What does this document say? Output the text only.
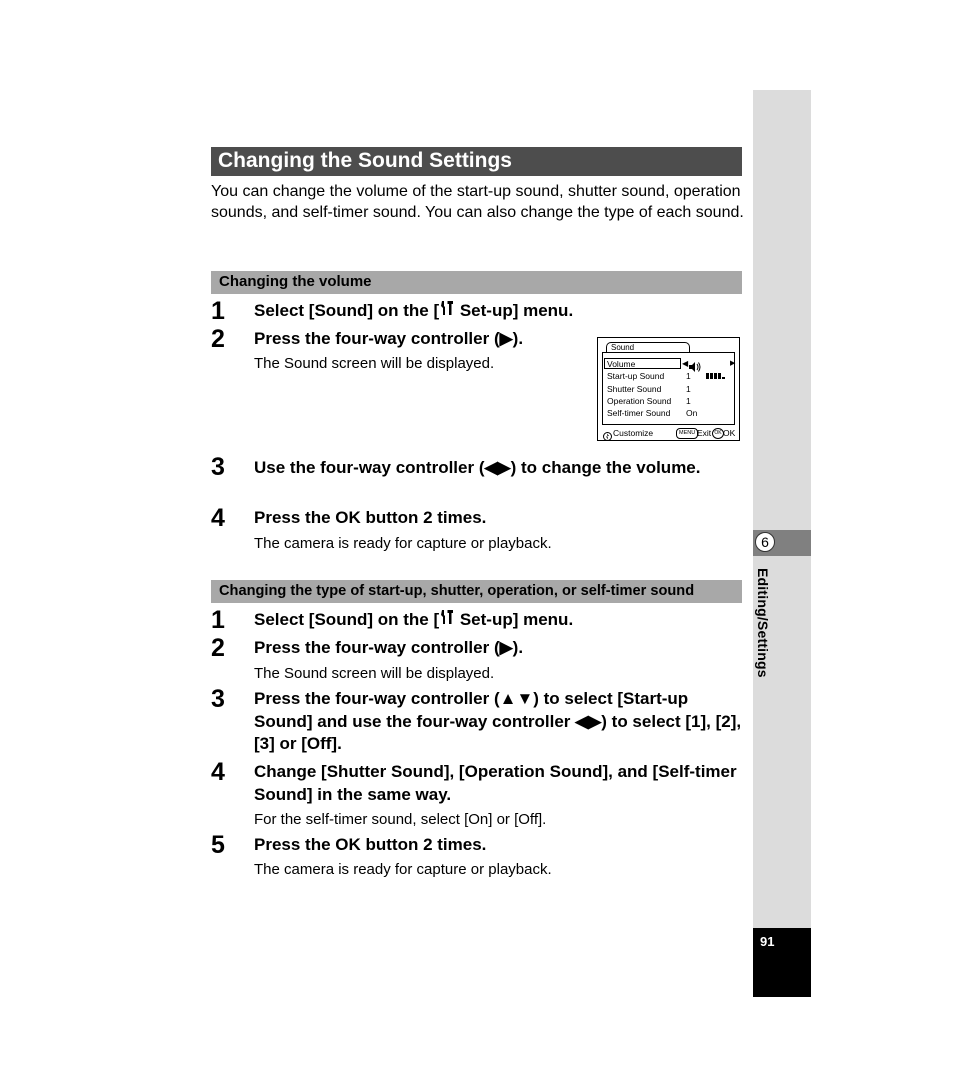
6
Editing/Settings
91
Changing the Sound Settings
You can change the volume of the start-up sound, shutter sound, operation sounds, and self-timer sound. You can also change the type of each sound.
Changing the volume
1 Select [Sound] on the [ Set-up] menu.
2 Press the four-way controller (▶).
The Sound screen will be displayed.
Sound
Volume	◀	▶
Start-up Sound	1
Shutter Sound	1
Operation Sound 1
Self-timer Sound On
Customize	MENU Exit OK OK
3 Use the four-way controller (◀▶) to change the volume.
4 Press the OK button 2 times.
The camera is ready for capture or playback.
Changing the type of start-up, shutter, operation, or self-timer sound
1 Select [Sound] on the [ Set-up] menu.
2 Press the four-way controller (▶).
The Sound screen will be displayed.
3 Press the four-way controller (▲▼) to select [Start-up Sound] and use the four-way controller ◀▶) to select [1], [2], [3] or [Off].
4 Change [Shutter Sound], [Operation Sound], and [Self-timer Sound] in the same way.
For the self-timer sound, select [On] or [Off].
5 Press the OK button 2 times.
The camera is ready for capture or playback.
